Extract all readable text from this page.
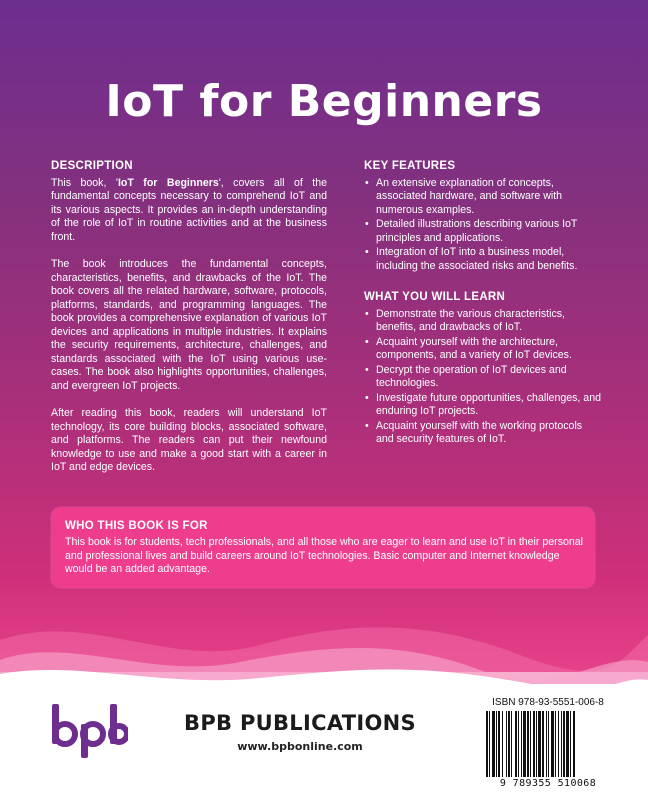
IoT for Beginners
DESCRIPTION

This book, 'IoT for Beginners', covers all of the fundamental concepts necessary to comprehend IoT and its various aspects. It provides an in-depth understanding of the role of IoT in routine activities and at the business front.

The book introduces the fundamental concepts, characteristics, benefits, and drawbacks of the IoT. The book covers all the related hardware, software, protocols, platforms, standards, and programming languages. The book provides a comprehensive explanation of various IoT devices and applications in multiple industries. It explains the security requirements, architecture, challenges, and standards associated with the IoT using various use-cases. The book also highlights opportunities, challenges, and evergreen IoT projects.

After reading this book, readers will understand IoT technology, its core building blocks, associated software, and platforms. The readers can put their newfound knowledge to use and make a good start with a career in IoT and edge devices.

KEY FEATURES
• An extensive explanation of concepts, associated hardware, and software with numerous examples.
• Detailed illustrations describing various IoT principles and applications.
• Integration of IoT into a business model, including the associated risks and benefits.
WHAT YOU WILL LEARN
• Demonstrate the various characteristics, benefits, and drawbacks of IoT.
• Acquaint yourself with the architecture, components, and a variety of IoT devices.
• Decrypt the operation of IoT devices and technologies.
• Investigate future opportunities, challenges, and enduring IoT projects.
• Acquaint yourself with the working protocols and security features of IoT.
WHO THIS BOOK IS FOR
This book is for students, tech professionals, and all those who are eager to learn and use IoT in their personal and professional lives and build careers around IoT technologies. Basic computer and Internet knowledge would be an added advantage.
BPB PUBLICATIONS
www.bpbonline.com
ISBN 978-93-5551-006-8
9 789355 510068
